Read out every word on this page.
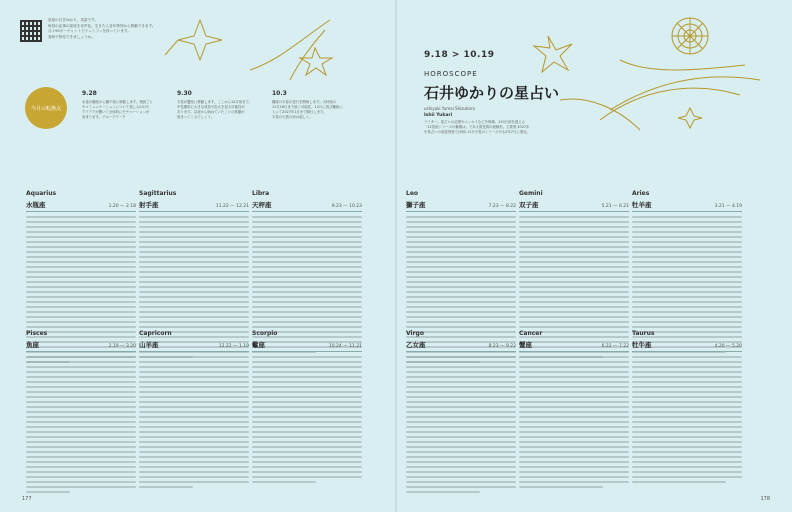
星座の石井ゆかり、英語です。
毎回の記事の星座を音声化。生きたら各年特別から移動できます。
月々90ポーチャントでイェシフィを持っています。
春秋で特変できましょうか。
今月の転換点
9.28
水星が獅座から獅子座に移動します。相談ごと
やコミュニケーションについて楽しみがけた
アイデアが響いて全体的にモチベーションが
高まります。グループワーク
9.30
木星が蟹座に移動します。ここから12月頃まで、
中長期的に大きな成長や拡大を見る可能性が
あります。以前から始めていたことの基盤が
固まってくるでしょう。
10.3
獅座の木星が逆行を開始します。天秤座の
11月16日まで続く可能性。12月に再び獅座に
入って2027年1月まで順行します。
木星の大旅の前は楽しく。
9.18 > 10.19
HOROSCOPE
石井ゆかりの星占い
ushiyaki Yumai Shizuhara
Ishii Yukari
ライター。星占いの記事やエッセイなどを執筆。120万部を超える
「12星座シリーズの累積は」で本大賞受賞の経験有。主要著 2027年
中星占いの星座別者で(3冊) 12月予星のシリーズやも5年7月に発売。
Aquarius
水瓶座	1.20 — 2.18
Sagittarius
射手座	11.22 — 12.21
Libra
天秤座	9.23 — 10.23
Leo
獅子座	7.23 — 8.22
Gemini
双子座	5.21 — 6.21
Aries
牡羊座	3.21 — 4.19
Pisces
魚座	2.19 — 3.20
Capricorn
山羊座	12.22 — 1.19
Scorpio
蠍座	10.24 — 11.21
Virgo
乙女座	8.23 — 9.22
Cancer
蟹座	6.22 — 7.22
Taurus
牡牛座	4.20 — 5.20
177	178
